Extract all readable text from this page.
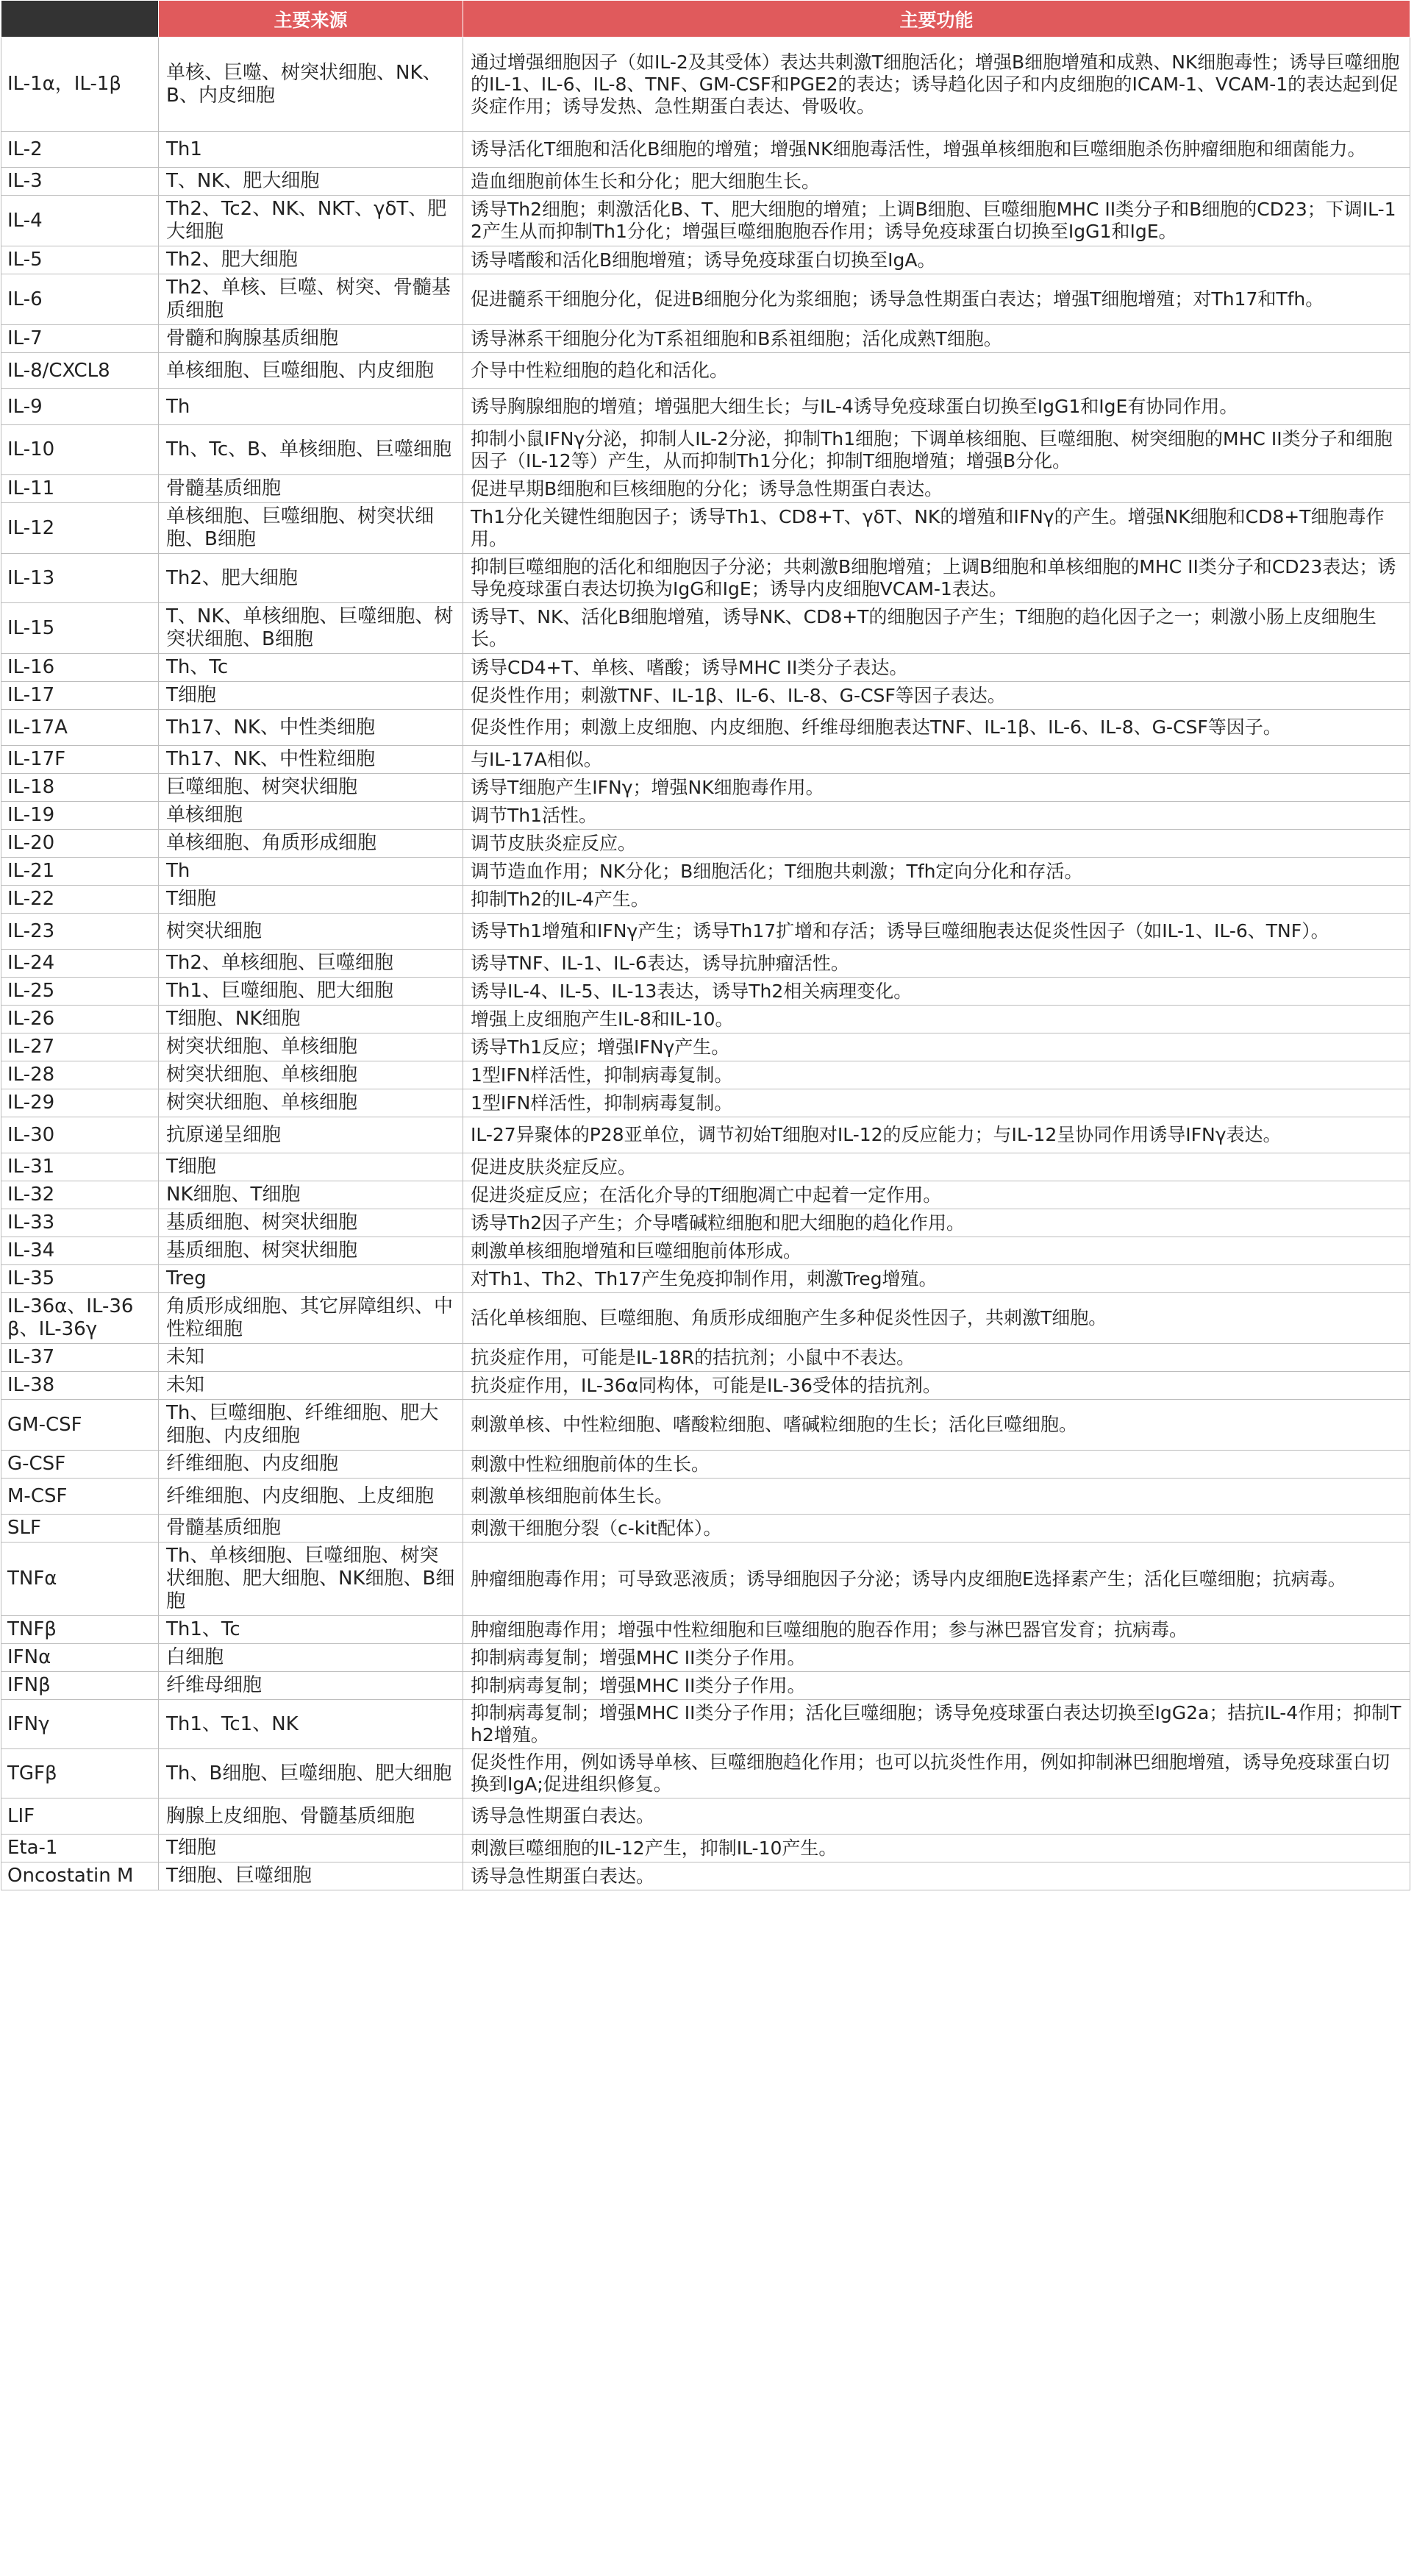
	主要来源	主要功能
IL-1α，IL-1β	单核、巨噬、树突状细胞、NK、B、内皮细胞	通过增强细胞因子（如IL-2及其受体）表达共刺激T细胞活化；增强B细胞增殖和成熟、NK细胞毒性；诱导巨噬细胞的IL-1、IL-6、IL-8、TNF、GM-CSF和PGE2的表达；诱导趋化因子和内皮细胞的ICAM-1、VCAM-1的表达起到促炎症作用；诱导发热、急性期蛋白表达、骨吸收。
IL-2	Th1	诱导活化T细胞和活化B细胞的增殖；增强NK细胞毒活性，增强单核细胞和巨噬细胞杀伤肿瘤细胞和细菌能力。
IL-3	T、NK、肥大细胞	造血细胞前体生长和分化；肥大细胞生长。
IL-4	Th2、Tc2、NK、NKT、γδT、肥大细胞	诱导Th2细胞；刺激活化B、T、肥大细胞的增殖；上调B细胞、巨噬细胞MHC II类分子和B细胞的CD23；下调IL-12产生从而抑制Th1分化；增强巨噬细胞胞吞作用；诱导免疫球蛋白切换至IgG1和IgE。
IL-5	Th2、肥大细胞	诱导嗜酸和活化B细胞增殖；诱导免疫球蛋白切换至IgA。
IL-6	Th2、单核、巨噬、树突、骨髓基质细胞	促进髓系干细胞分化，促进B细胞分化为浆细胞；诱导急性期蛋白表达；增强T细胞增殖；对Th17和Tfh。
IL-7	骨髓和胸腺基质细胞	诱导淋系干细胞分化为T系祖细胞和B系祖细胞；活化成熟T细胞。
IL-8/CXCL8	单核细胞、巨噬细胞、内皮细胞	介导中性粒细胞的趋化和活化。
IL-9	Th	诱导胸腺细胞的增殖；增强肥大细生长；与IL-4诱导免疫球蛋白切换至IgG1和IgE有协同作用。
IL-10	Th、Tc、B、单核细胞、巨噬细胞	抑制小鼠IFNγ分泌，抑制人IL-2分泌，抑制Th1细胞；下调单核细胞、巨噬细胞、树突细胞的MHC II类分子和细胞因子（IL-12等）产生，从而抑制Th1分化；抑制T细胞增殖；增强B分化。
IL-11	骨髓基质细胞	促进早期B细胞和巨核细胞的分化；诱导急性期蛋白表达。
IL-12	单核细胞、巨噬细胞、树突状细胞、B细胞	Th1分化关键性细胞因子；诱导Th1、CD8+T、γδT、NK的增殖和IFNγ的产生。增强NK细胞和CD8+T细胞毒作用。
IL-13	Th2、肥大细胞	抑制巨噬细胞的活化和细胞因子分泌；共刺激B细胞增殖；上调B细胞和单核细胞的MHC II类分子和CD23表达；诱导免疫球蛋白表达切换为IgG和IgE；诱导内皮细胞VCAM-1表达。
IL-15	T、NK、单核细胞、巨噬细胞、树突状细胞、B细胞	诱导T、NK、活化B细胞增殖，诱导NK、CD8+T的细胞因子产生；T细胞的趋化因子之一；刺激小肠上皮细胞生长。
IL-16	Th、Tc	诱导CD4+T、单核、嗜酸；诱导MHC II类分子表达。
IL-17	T细胞	促炎性作用；刺激TNF、IL-1β、IL-6、IL-8、G-CSF等因子表达。
IL-17A	Th17、NK、中性类细胞	促炎性作用；刺激上皮细胞、内皮细胞、纤维母细胞表达TNF、IL-1β、IL-6、IL-8、G-CSF等因子。
IL-17F	Th17、NK、中性粒细胞	与IL-17A相似。
IL-18	巨噬细胞、树突状细胞	诱导T细胞产生IFNγ；增强NK细胞毒作用。
IL-19	单核细胞	调节Th1活性。
IL-20	单核细胞、角质形成细胞	调节皮肤炎症反应。
IL-21	Th	调节造血作用；NK分化；B细胞活化；T细胞共刺激；Tfh定向分化和存活。
IL-22	T细胞	抑制Th2的IL-4产生。
IL-23	树突状细胞	诱导Th1增殖和IFNγ产生；诱导Th17扩增和存活；诱导巨噬细胞表达促炎性因子（如IL-1、IL-6、TNF）。
IL-24	Th2、单核细胞、巨噬细胞	诱导TNF、IL-1、IL-6表达，诱导抗肿瘤活性。
IL-25	Th1、巨噬细胞、肥大细胞	诱导IL-4、IL-5、IL-13表达，诱导Th2相关病理变化。
IL-26	T细胞、NK细胞	增强上皮细胞产生IL-8和IL-10。
IL-27	树突状细胞、单核细胞	诱导Th1反应；增强IFNγ产生。
IL-28	树突状细胞、单核细胞	1型IFN样活性，抑制病毒复制。
IL-29	树突状细胞、单核细胞	1型IFN样活性，抑制病毒复制。
IL-30	抗原递呈细胞	IL-27异聚体的P28亚单位，调节初始T细胞对IL-12的反应能力；与IL-12呈协同作用诱导IFNγ表达。
IL-31	T细胞	促进皮肤炎症反应。
IL-32	NK细胞、T细胞	促进炎症反应；在活化介导的T细胞凋亡中起着一定作用。
IL-33	基质细胞、树突状细胞	诱导Th2因子产生；介导嗜碱粒细胞和肥大细胞的趋化作用。
IL-34	基质细胞、树突状细胞	刺激单核细胞增殖和巨噬细胞前体形成。
IL-35	Treg	对Th1、Th2、Th17产生免疫抑制作用，刺激Treg增殖。
IL-36α、IL-36β、IL-36γ	角质形成细胞、其它屏障组织、中性粒细胞	活化单核细胞、巨噬细胞、角质形成细胞产生多种促炎性因子，共刺激T细胞。
IL-37	未知	抗炎症作用，可能是IL-18R的拮抗剂；小鼠中不表达。
IL-38	未知	抗炎症作用，IL-36α同构体，可能是IL-36受体的拮抗剂。
GM-CSF	Th、巨噬细胞、纤维细胞、肥大细胞、内皮细胞	刺激单核、中性粒细胞、嗜酸粒细胞、嗜碱粒细胞的生长；活化巨噬细胞。
G-CSF	纤维细胞、内皮细胞	刺激中性粒细胞前体的生长。
M-CSF	纤维细胞、内皮细胞、上皮细胞	刺激单核细胞前体生长。
SLF	骨髓基质细胞	刺激干细胞分裂（c-kit配体）。
TNFα	Th、单核细胞、巨噬细胞、树突状细胞、肥大细胞、NK细胞、B细胞	肿瘤细胞毒作用；可导致恶液质；诱导细胞因子分泌；诱导内皮细胞E选择素产生；活化巨噬细胞；抗病毒。
TNFβ	Th1、Tc	肿瘤细胞毒作用；增强中性粒细胞和巨噬细胞的胞吞作用；参与淋巴器官发育；抗病毒。
IFNα	白细胞	抑制病毒复制；增强MHC II类分子作用。
IFNβ	纤维母细胞	抑制病毒复制；增强MHC II类分子作用。
IFNγ	Th1、Tc1、NK	抑制病毒复制；增强MHC II类分子作用；活化巨噬细胞；诱导免疫球蛋白表达切换至IgG2a；拮抗IL-4作用；抑制Th2增殖。
TGFβ	Th、B细胞、巨噬细胞、肥大细胞	促炎性作用，例如诱导单核、巨噬细胞趋化作用；也可以抗炎性作用，例如抑制淋巴细胞增殖，诱导免疫球蛋白切换到IgA;促进组织修复。
LIF	胸腺上皮细胞、骨髓基质细胞	诱导急性期蛋白表达。
Eta-1	T细胞	刺激巨噬细胞的IL-12产生，抑制IL-10产生。
Oncostatin M	T细胞、巨噬细胞	诱导急性期蛋白表达。
